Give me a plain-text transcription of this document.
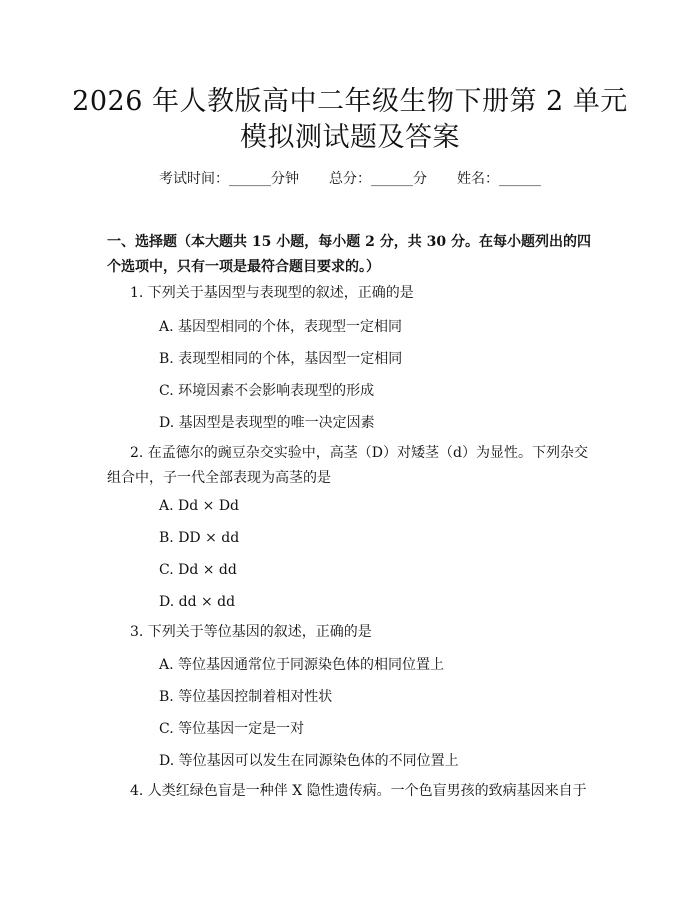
2026 年人教版高中二年级生物下册第 2 单元
模拟测试题及答案
考试时间：______分钟 总分：______分 姓名：______
一、选择题（本大题共 15 小题，每小题 2 分，共 30 分。在每小题列出的四个选项中，只有一项是最符合题目要求的。）
1. 下列关于基因型与表现型的叙述，正确的是
A. 基因型相同的个体，表现型一定相同
B. 表现型相同的个体，基因型一定相同
C. 环境因素不会影响表现型的形成
D. 基因型是表现型的唯一决定因素
2. 在孟德尔的豌豆杂交实验中，高茎（D）对矮茎（d）为显性。下列杂交组合中，子一代全部表现为高茎的是
A. Dd × Dd
B. DD × dd
C. Dd × dd
D. dd × dd
3. 下列关于等位基因的叙述，正确的是
A. 等位基因通常位于同源染色体的相同位置上
B. 等位基因控制着相对性状
C. 等位基因一定是一对
D. 等位基因可以发生在同源染色体的不同位置上
4. 人类红绿色盲是一种伴 X 隐性遗传病。一个色盲男孩的致病基因来自于
